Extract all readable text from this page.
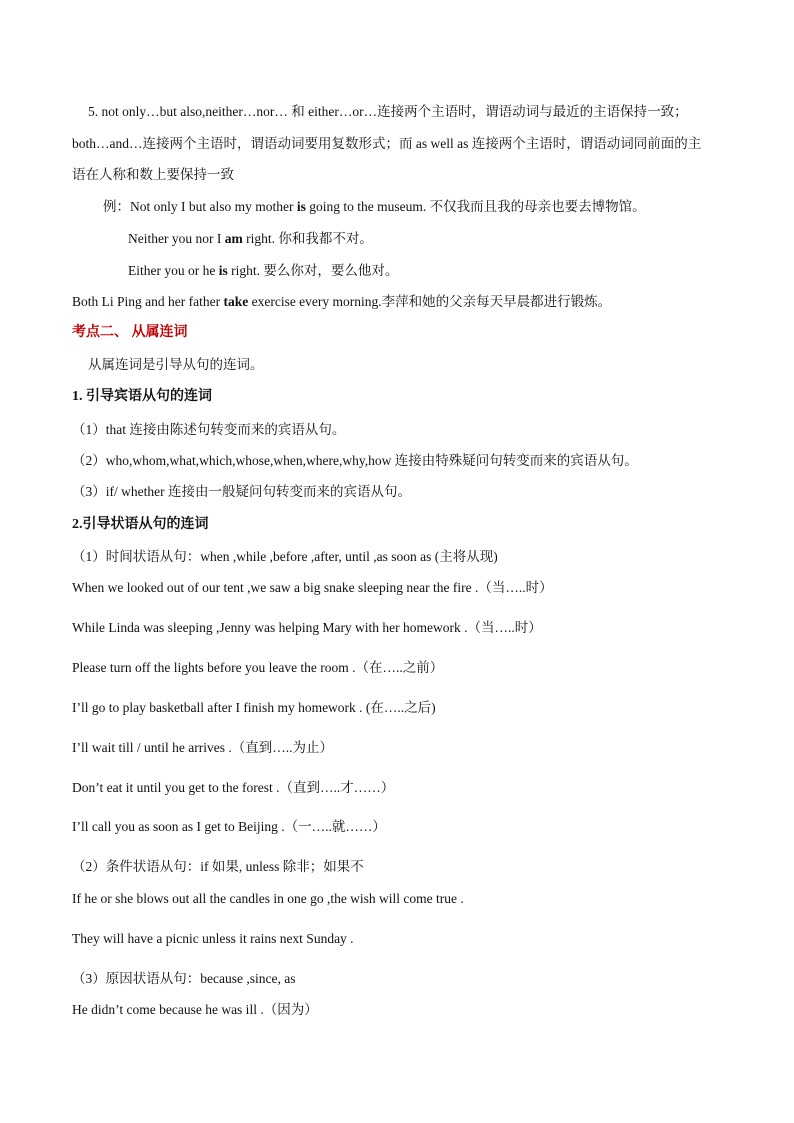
5. not only…but also,neither…nor… 和 either…or…连接两个主语时，谓语动词与最近的主语保持一致；
both…and…连接两个主语时，谓语动词要用复数形式；而 as well as 连接两个主语时，谓语动词同前面的主
语在人称和数上要保持一致
例：Not only I but also my mother is going to the museum. 不仅我而且我的母亲也要去博物馆。
Neither you nor I am right. 你和我都不对。
Either you or he is right. 要么你对，要么他对。
Both Li Ping and her father take exercise every morning.李萍和她的父亲每天早晨都进行锻炼。
考点二、 从属连词
从属连词是引导从句的连词。
1. 引导宾语从句的连词
（1）that 连接由陈述句转变而来的宾语从句。
（2）who,whom,what,which,whose,when,where,why,how 连接由特殊疑问句转变而来的宾语从句。
（3）if/ whether 连接由一般疑问句转变而来的宾语从句。
2.引导状语从句的连词
（1）时间状语从句：when ,while ,before ,after, until ,as soon as (主将从现)
When we looked out of our tent ,we saw a big snake sleeping near the fire .（当…..时）
While Linda was sleeping ,Jenny was helping Mary with her homework .（当…..时）
Please turn off the lights before you leave the room .（在…..之前）
I’ll go to play basketball after I finish my homework . (在…..之后)
I’ll wait till / until he arrives .（直到…..为止）
Don’t eat it until you get to the forest .（直到…..才……）
I’ll call you as soon as I get to Beijing .（一…..就……）
（2）条件状语从句：if 如果, unless 除非；如果不
If he or she blows out all the candles in one go ,the wish will come true .
They will have a picnic unless it rains next Sunday .
（3）原因状语从句：because ,since, as
He didn’t come because he was ill .（因为）
